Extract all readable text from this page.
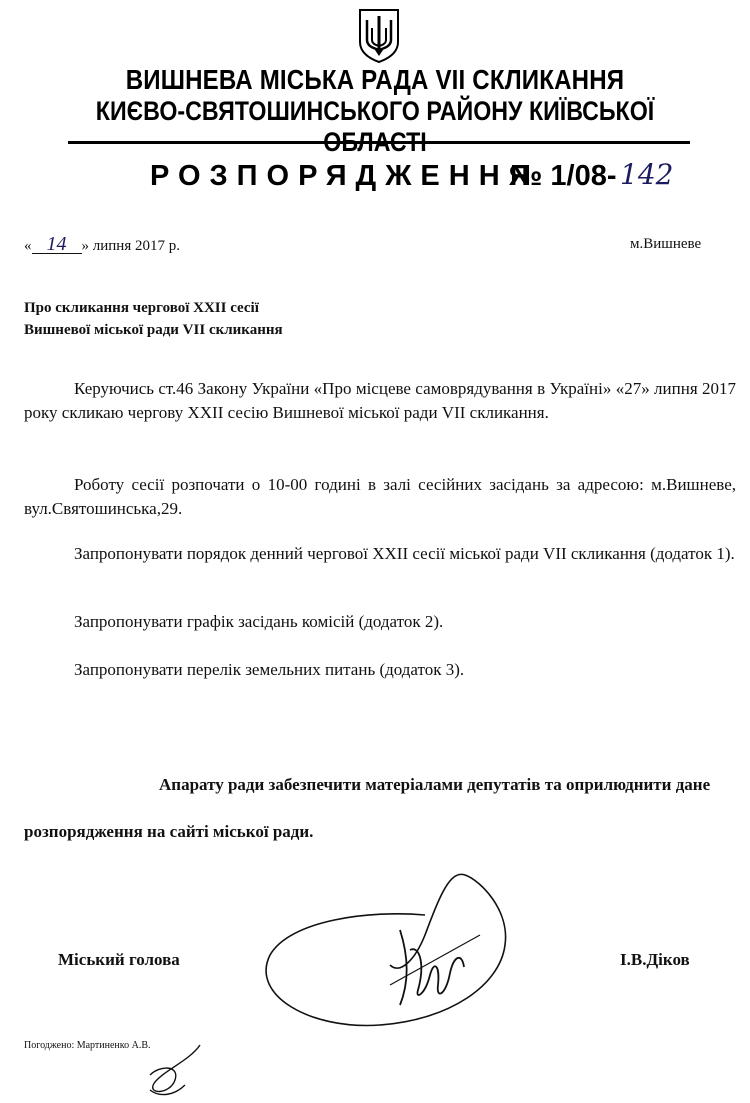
ВИШНЕВА МІСЬКА РАДА VII СКЛИКАННЯ
КИЄВО-СВЯТОШИНСЬКОГО РАЙОНУ КИЇВСЬКОЇ ОБЛАСТІ
РОЗПОРЯДЖЕННЯ
№ 1/08- 142
« 14 » липня 2017 р.	м.Вишневе
Про скликання чергової ХХІІ сесії
Вишневої міської ради VII скликання
Керуючись ст.46 Закону України «Про місцеве самоврядування в Україні» «27» липня 2017 року скликаю чергову ХХІІ сесію Вишневої міської ради VII скликання.
Роботу сесії розпочати о 10-00 годині в залі сесійних засідань за адресою: м.Вишневе, вул.Святошинська,29.
Запропонувати порядок денний чергової ХХІІ сесії міської ради VII скликання (додаток 1).
Запропонувати графік засідань комісій (додаток 2).
Запропонувати перелік земельних питань (додаток 3).
Апарату ради забезпечити матеріалами депутатів та оприлюднити дане
розпорядження на сайті міської ради.
Міський голова	І.В.Діков
Погоджено: Мартиненко А.В.
